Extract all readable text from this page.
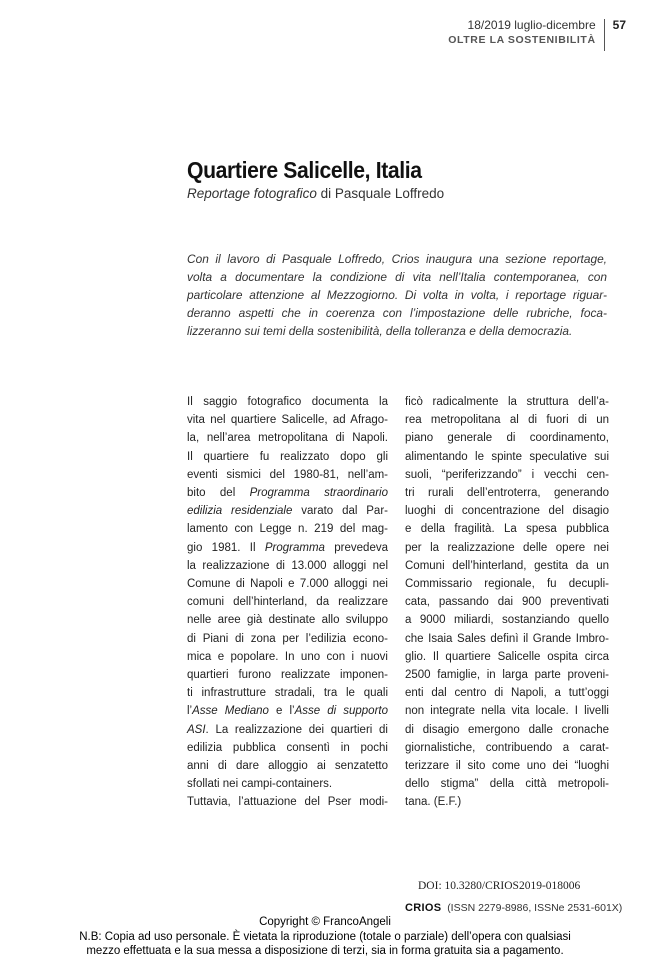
18/2019 luglio-dicembre
OLTRE LA SOSTENIBILITÀ
57
Quartiere Salicelle, Italia
Reportage fotografico di Pasquale Loffredo
Con il lavoro di Pasquale Loffredo, Crios inaugura una sezione reportage,
volta a documentare la condizione di vita nell’Italia contemporanea, con
particolare attenzione al Mezzogiorno. Di volta in volta, i reportage riguar-
deranno aspetti che in coerenza con l’impostazione delle rubriche, foca-
lizzeranno sui temi della sostenibilità, della tolleranza e della democrazia.
Il saggio fotografico documenta la
vita nel quartiere Salicelle, ad Afrago-
la, nell’area metropolitana di Napoli.
Il quartiere fu realizzato dopo gli
eventi sismici del 1980-81, nell’am-
bito del Programma straordinario
edilizia residenziale varato dal Par-
lamento con Legge n. 219 del mag-
gio 1981. Il Programma prevedeva
la realizzazione di 13.000 alloggi nel
Comune di Napoli e 7.000 alloggi nei
comuni dell’hinterland, da realizzare
nelle aree già destinate allo sviluppo
di Piani di zona per l’edilizia econo-
mica e popolare. In uno con i nuovi
quartieri furono realizzate imponen-
ti infrastrutture stradali, tra le quali
l’Asse Mediano e l’Asse di supporto
ASI. La realizzazione dei quartieri di
edilizia pubblica consentì in pochi
anni di dare alloggio ai senzatetto
sfollati nei campi-containers.
Tuttavia, l’attuazione del Pser modi-
ficò radicalmente la struttura dell’a-
rea metropolitana al di fuori di un
piano generale di coordinamento,
alimentando le spinte speculative sui
suoli, “periferizzando” i vecchi cen-
tri rurali dell’entroterra, generando
luoghi di concentrazione del disagio
e della fragilità. La spesa pubblica
per la realizzazione delle opere nei
Comuni dell’hinterland, gestita da un
Commissario regionale, fu decupli-
cata, passando dai 900 preventivati
a 9000 miliardi, sostanziando quello
che Isaia Sales definì il Grande Imbro-
glio. Il quartiere Salicelle ospita circa
2500 famiglie, in larga parte provenі-
enti dal centro di Napoli, a tutt’oggi
non integrate nella vita locale. I livelli
di disagio emergono dalle cronache
giornalistiche, contribuendo a carat-
terizzare il sito come uno dei “luoghi
dello stigma” della città metropoli-
tana. (E.F.)
DOI: 10.3280/CRIOS2019-018006
CRIOS (ISSN 2279-8986, ISSNe 2531-601X)
Copyright © FrancoAngeli
N.B: Copia ad uso personale. È vietata la riproduzione (totale o parziale) dell’opera con qualsiasi
mezzo effettuata e la sua messa a disposizione di terzi, sia in forma gratuita sia a pagamento.
